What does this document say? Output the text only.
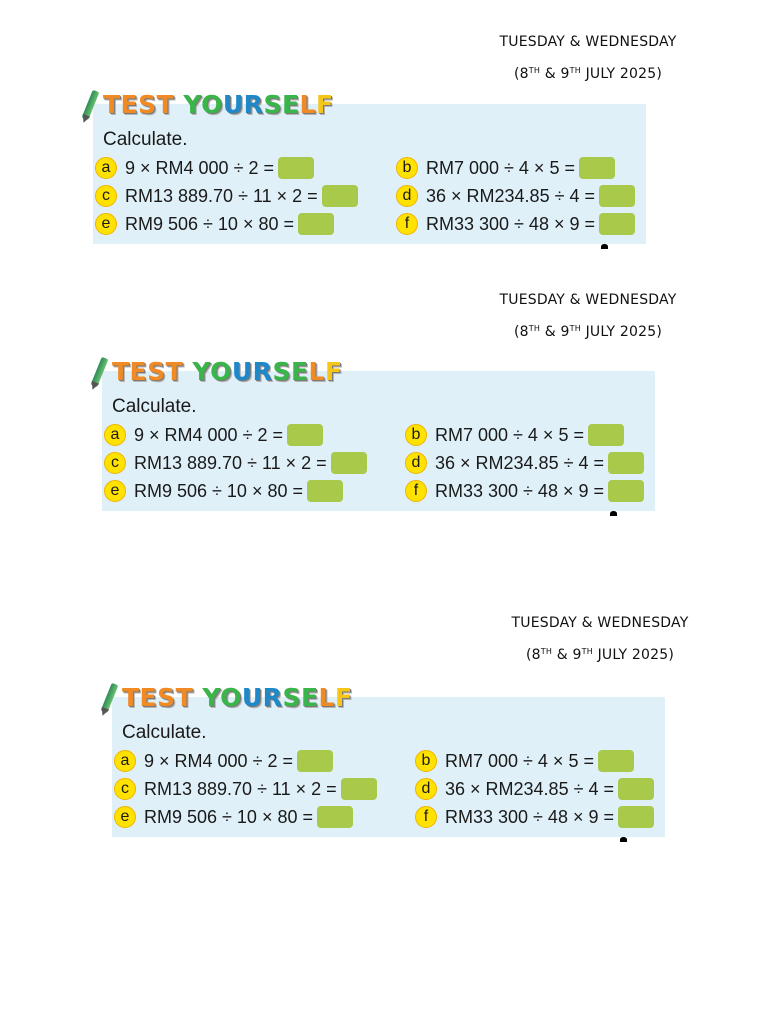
TUESDAY & WEDNESDAY
(8TH & 9TH JULY 2025)
TEST YOURSELF
Calculate.
a 9 × RM4 000 ÷ 2 =	b RM7 000 ÷ 4 × 5 =
c RM13 889.70 ÷ 11 × 2 =	d 36 × RM234.85 ÷ 4 =
e RM9 506 ÷ 10 × 80 =	f RM33 300 ÷ 48 × 9 =
TUESDAY & WEDNESDAY
(8TH & 9TH JULY 2025)
TEST YOURSELF
Calculate.
a 9 × RM4 000 ÷ 2 =	b RM7 000 ÷ 4 × 5 =
c RM13 889.70 ÷ 11 × 2 =	d 36 × RM234.85 ÷ 4 =
e RM9 506 ÷ 10 × 80 =	f RM33 300 ÷ 48 × 9 =
TUESDAY & WEDNESDAY
(8TH & 9TH JULY 2025)
TEST YOURSELF
Calculate.
a 9 × RM4 000 ÷ 2 =	b RM7 000 ÷ 4 × 5 =
c RM13 889.70 ÷ 11 × 2 =	d 36 × RM234.85 ÷ 4 =
e RM9 506 ÷ 10 × 80 =	f RM33 300 ÷ 48 × 9 =
